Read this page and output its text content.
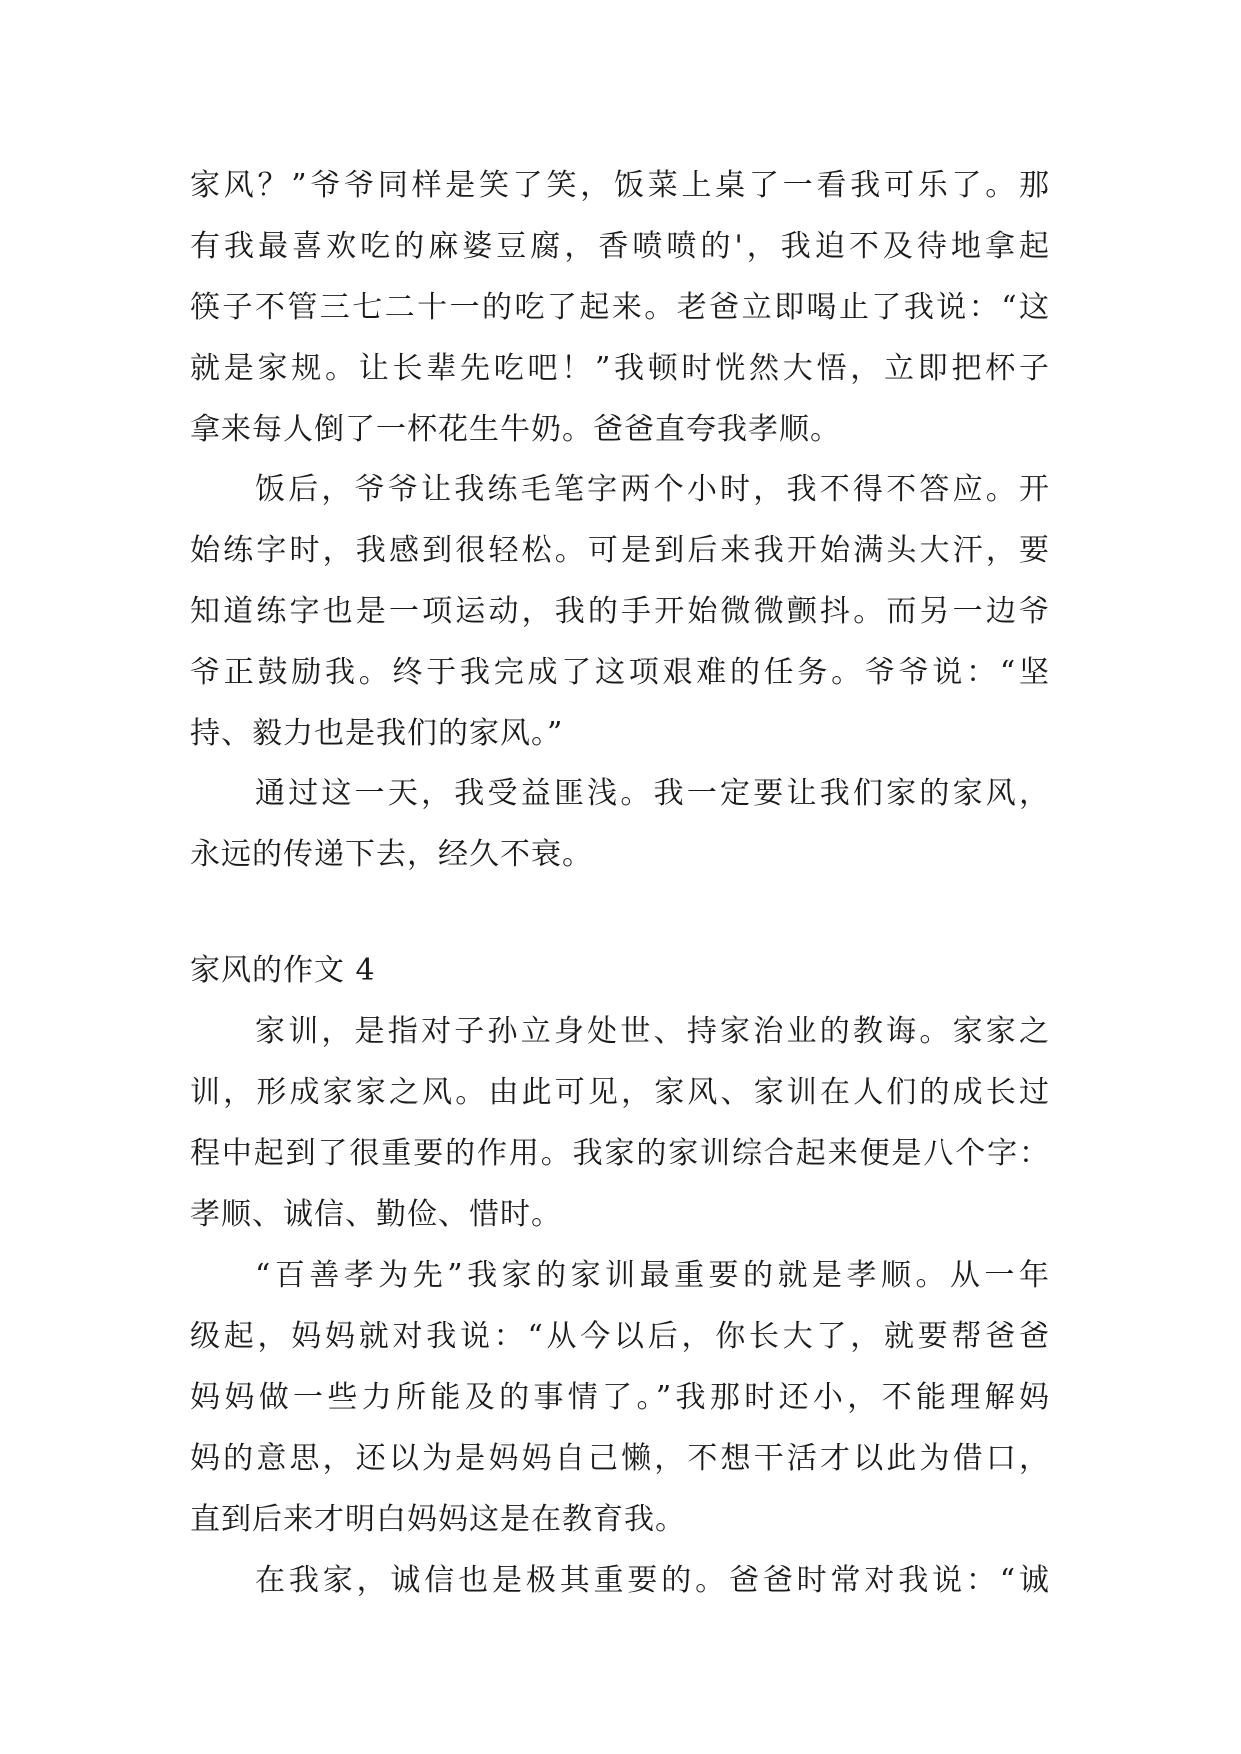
家风？”爷爷同样是笑了笑，饭菜上桌了一看我可乐了。那
有我最喜欢吃的麻婆豆腐，香喷喷的'，我迫不及待地拿起
筷子不管三七二十一的吃了起来。老爸立即喝止了我说：“这
就是家规。让长辈先吃吧！”我顿时恍然大悟，立即把杯子
拿来每人倒了一杯花生牛奶。爸爸直夸我孝顺。
饭后，爷爷让我练毛笔字两个小时，我不得不答应。开
始练字时，我感到很轻松。可是到后来我开始满头大汗，要
知道练字也是一项运动，我的手开始微微颤抖。而另一边爷
爷正鼓励我。终于我完成了这项艰难的任务。爷爷说：“坚
持、毅力也是我们的家风。”
通过这一天，我受益匪浅。我一定要让我们家的家风，
永远的传递下去，经久不衰。
家风的作文 4
家训，是指对子孙立身处世、持家治业的教诲。家家之
训，形成家家之风。由此可见，家风、家训在人们的成长过
程中起到了很重要的作用。我家的家训综合起来便是八个字：
孝顺、诚信、勤俭、惜时。
“百善孝为先”我家的家训最重要的就是孝顺。从一年
级起，妈妈就对我说：“从今以后，你长大了，就要帮爸爸
妈妈做一些力所能及的事情了。”我那时还小，不能理解妈
妈的意思，还以为是妈妈自己懒，不想干活才以此为借口，
直到后来才明白妈妈这是在教育我。
在我家，诚信也是极其重要的。爸爸时常对我说：“诚
